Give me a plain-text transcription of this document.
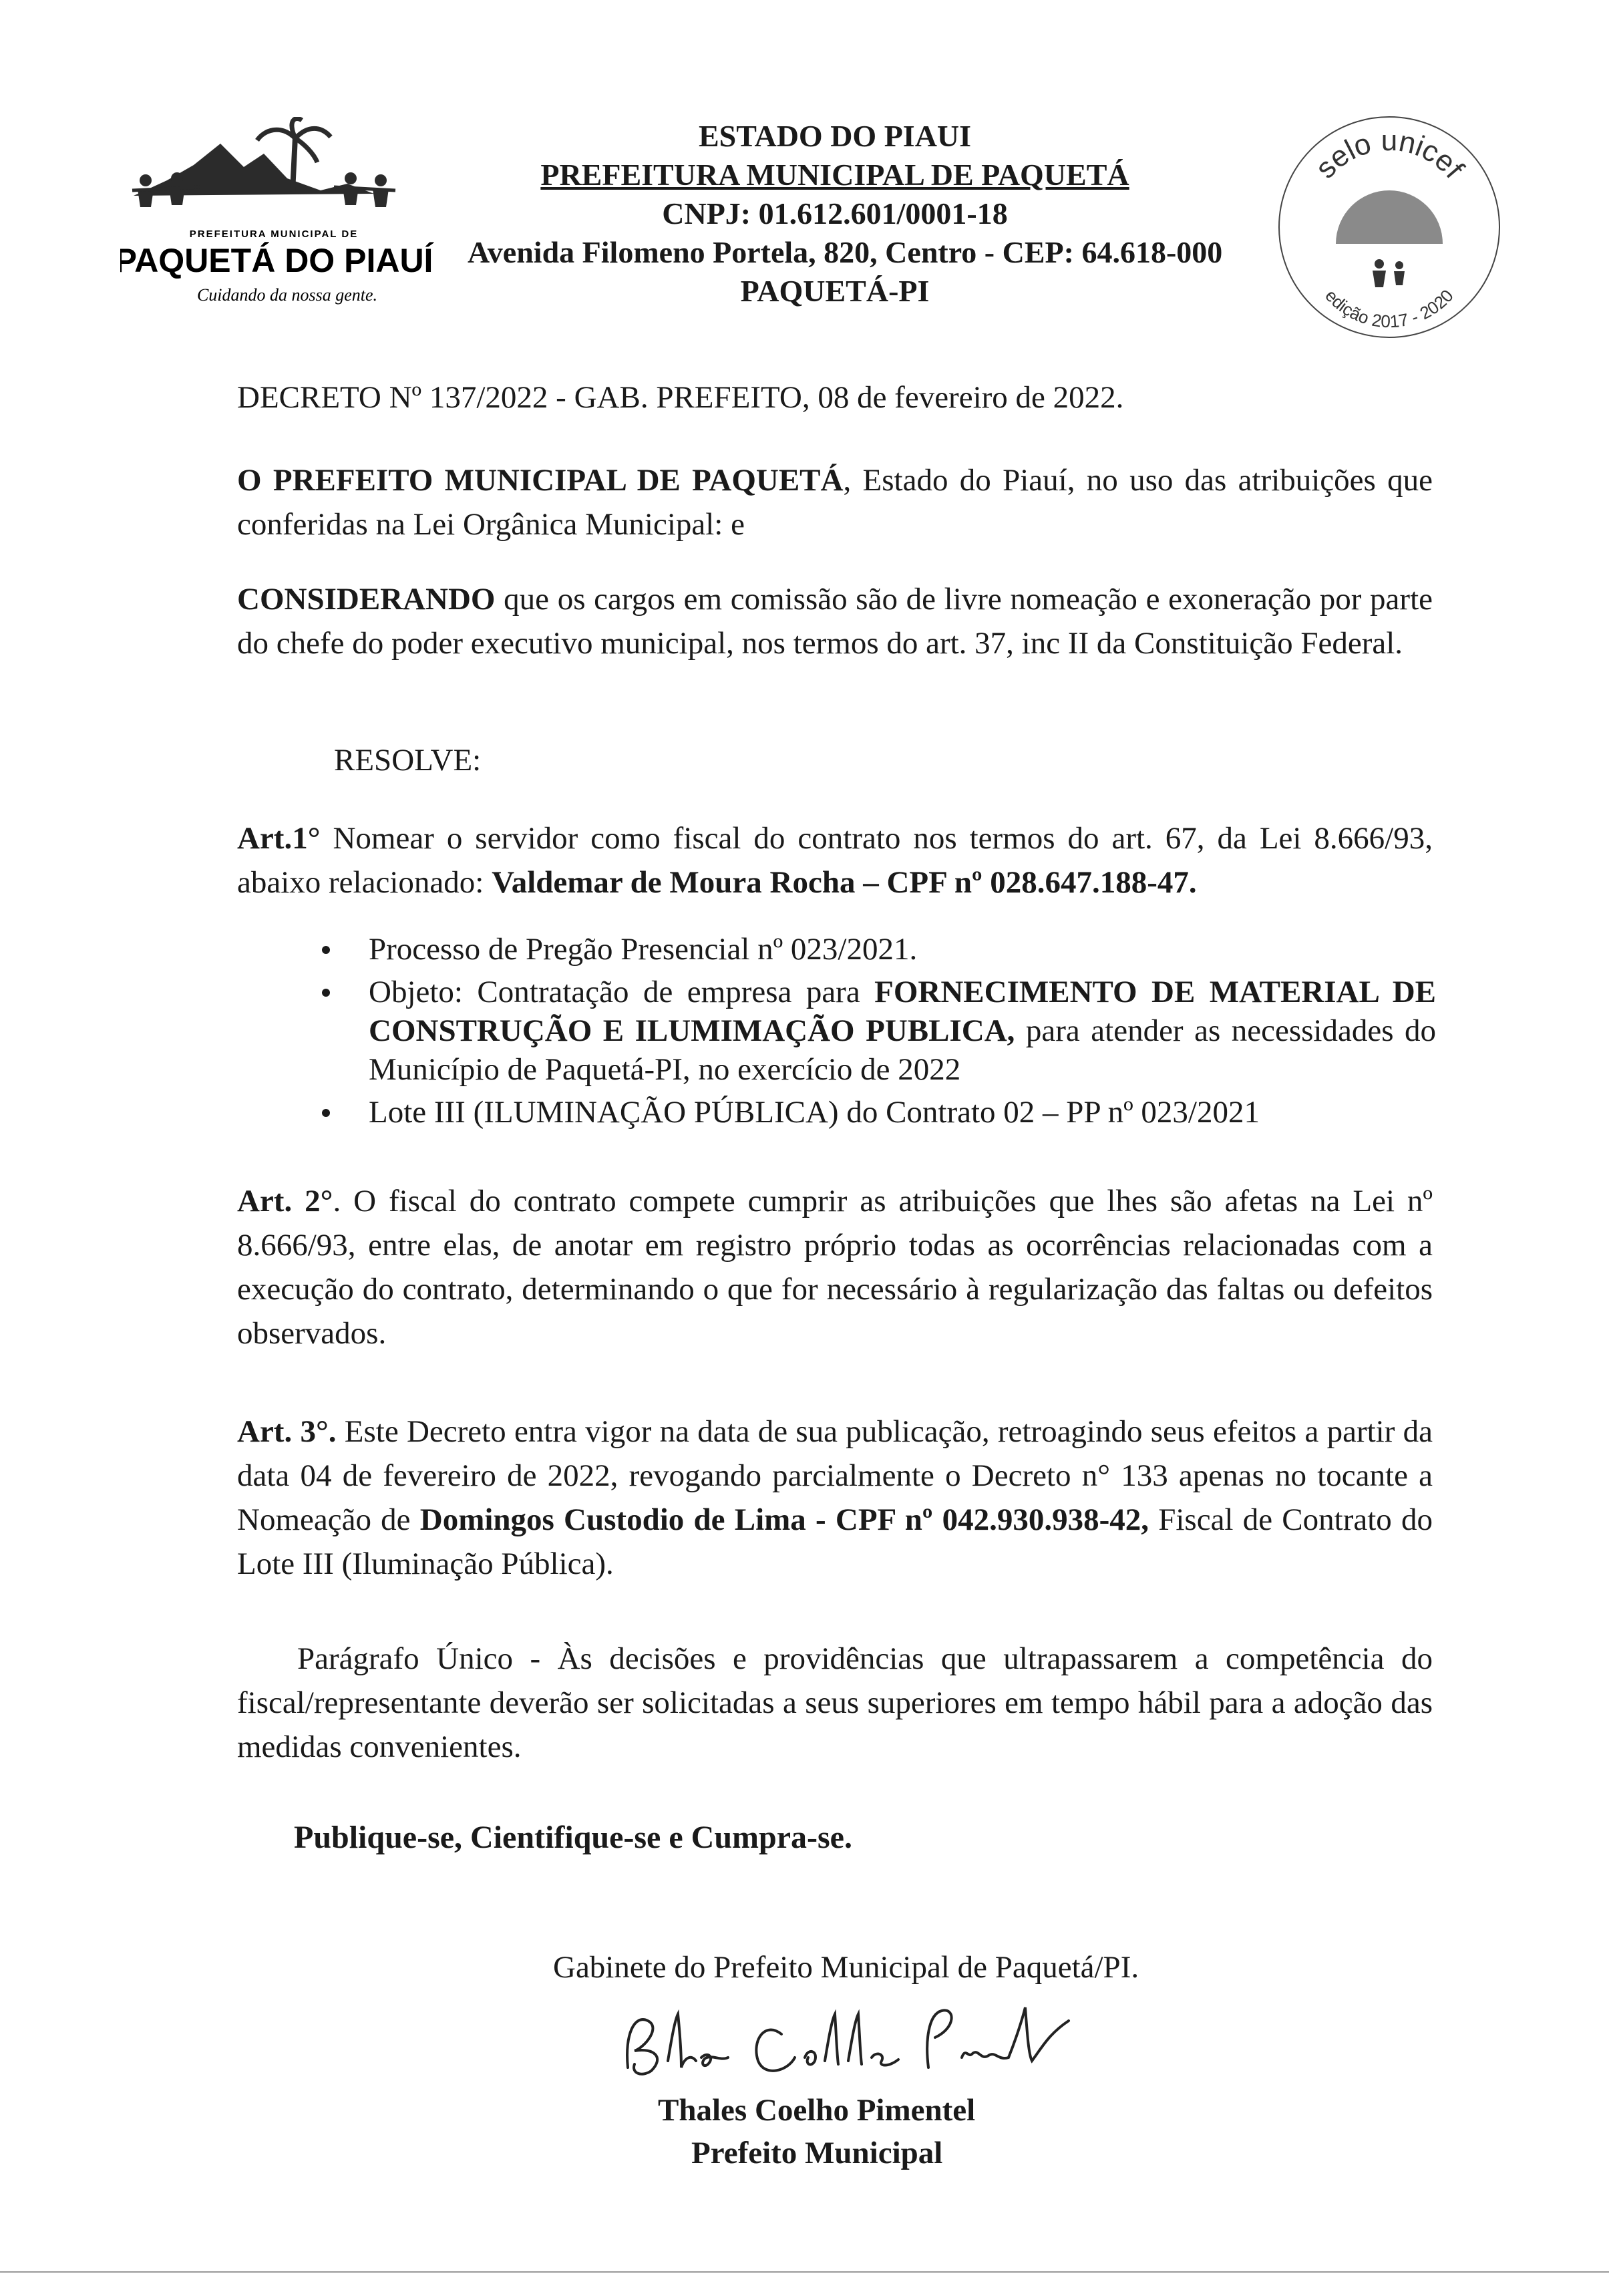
PREFEITURA MUNICIPAL DE
PAQUETÁ DO PIAUÍ
Cuidando da nossa gente.
ESTADO DO PIAUI
PREFEITURA MUNICIPAL DE PAQUETÁ
CNPJ: 01.612.601/0001-18
Avenida Filomeno Portela, 820, Centro - CEP: 64.618-000
PAQUETÁ-PI
selo unicef
edição 2017 - 2020
DECRETO Nº 137/2022 - GAB. PREFEITO, 08 de fevereiro de 2022.
O PREFEITO MUNICIPAL DE PAQUETÁ, Estado do Piauí, no uso das atribuições que conferidas na Lei Orgânica Municipal: e
CONSIDERANDO que os cargos em comissão são de livre nomeação e exoneração por parte do chefe do poder executivo municipal, nos termos do art. 37, inc II da Constituição Federal.
RESOLVE:
Art.1° Nomear o servidor como fiscal do contrato nos termos do art. 67, da Lei 8.666/93, abaixo relacionado: Valdemar de Moura Rocha – CPF nº 028.647.188-47.
Processo de Pregão Presencial nº 023/2021.
Objeto: Contratação de empresa para FORNECIMENTO DE MATERIAL DE CONSTRUÇÃO E ILUMIMAÇÃO PUBLICA, para atender as necessidades do Município de Paquetá-PI, no exercício de 2022
Lote III (ILUMINAÇÃO PÚBLICA) do Contrato 02 – PP nº 023/2021
Art. 2°. O fiscal do contrato compete cumprir as atribuições que lhes são afetas na Lei nº 8.666/93, entre elas, de anotar em registro próprio todas as ocorrências relacionadas com a execução do contrato, determinando o que for necessário à regularização das faltas ou defeitos observados.
Art. 3°. Este Decreto entra vigor na data de sua publicação, retroagindo seus efeitos a partir da data 04 de fevereiro de 2022, revogando parcialmente o Decreto n° 133 apenas no tocante a Nomeação de Domingos Custodio de Lima - CPF nº 042.930.938-42, Fiscal de Contrato do Lote III (Iluminação Pública).
Parágrafo Único - Às decisões e providências que ultrapassarem a competência do fiscal/representante deverão ser solicitadas a seus superiores em tempo hábil para a adoção das medidas convenientes.
Publique-se, Cientifique-se e Cumpra-se.
Gabinete do Prefeito Municipal de Paquetá/PI.
Thales Coelho Pimentel
Prefeito Municipal
